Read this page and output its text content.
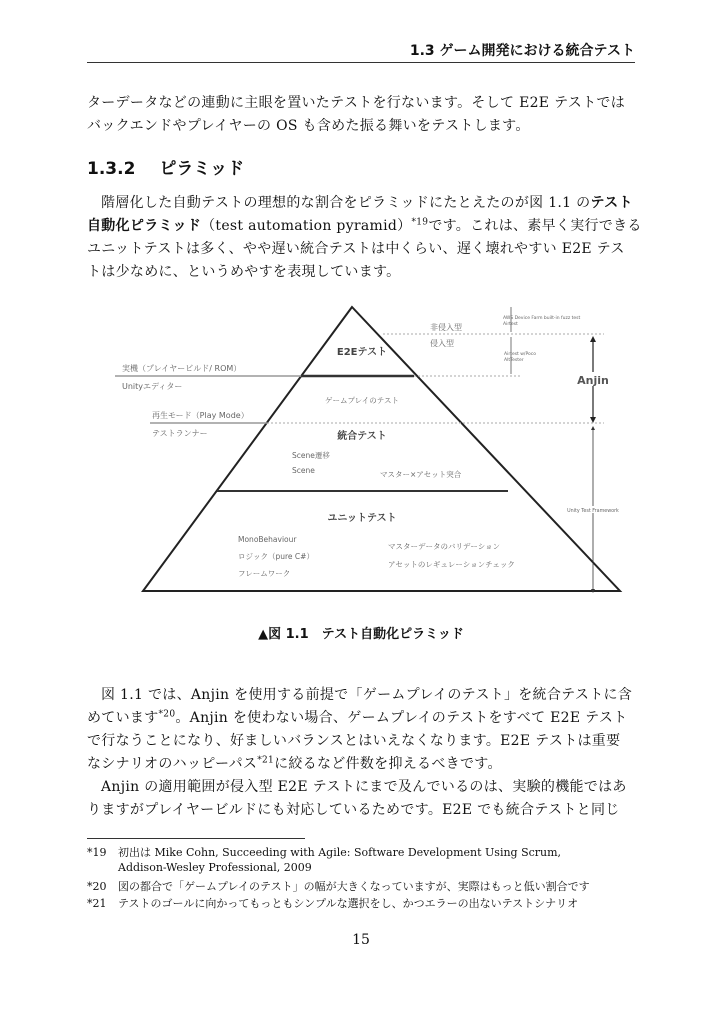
1.3 ゲーム開発における統合テスト
ターデータなどの連動に主眼を置いたテストを行ないます。そして E2E テストでは
バックエンドやプレイヤーの OS も含めた振る舞いをテストします。
1.3.2 ピラミッド
階層化した自動テストの理想的な割合をピラミッドにたとえたのが図 1.1 のテスト
自動化ピラミッド（test automation pyramid）$^{*19}$です。これは、素早く実行できる
ユニットテストは多く、やや遅い統合テストは中くらい、遅く壊れやすい E2E テス
トは少なめに、というめやすを表現しています。
E2Eテスト
統合テスト
ユニットテスト
実機（プレイヤービルド/ ROM）
Unityエディター
再生モード（Play Mode）
テストランナー
非侵入型
侵入型
AWS Device Farm built-in fuzz test
Airtest
Airtest w/Poco
AltTester
ゲームプレイのテスト
Scene遷移
Scene	マスター×アセット突合
MonoBehaviour
ロジック（pure C#）
フレームワーク
マスターデータのバリデーション
アセットのレギュレーションチェック
Anjin
Unity Test Framework
▲図 1.1　テスト自動化ピラミッド
図 1.1 では、Anjin を使用する前提で「ゲームプレイのテスト」を統合テストに含
めています$^{*20}$。Anjin を使わない場合、ゲームプレイのテストをすべて E2E テスト
で行なうことになり、好ましいバランスとはいえなくなります。E2E テストは重要
なシナリオのハッピーパス$^{*21}$に絞るなど件数を抑えるべきです。
Anjin の適用範囲が侵入型 E2E テストにまで及んでいるのは、実験的機能ではあ
りますがプレイヤービルドにも対応しているためです。E2E でも統合テストと同じ
*19 初出は Mike Cohn, Succeeding with Agile: Software Development Using Scrum,
Addison-Wesley Professional, 2009
*20 図の都合で「ゲームプレイのテスト」の幅が大きくなっていますが、実際はもっと低い割合です
*21 テストのゴールに向かってもっともシンプルな選択をし、かつエラーの出ないテストシナリオ
15
